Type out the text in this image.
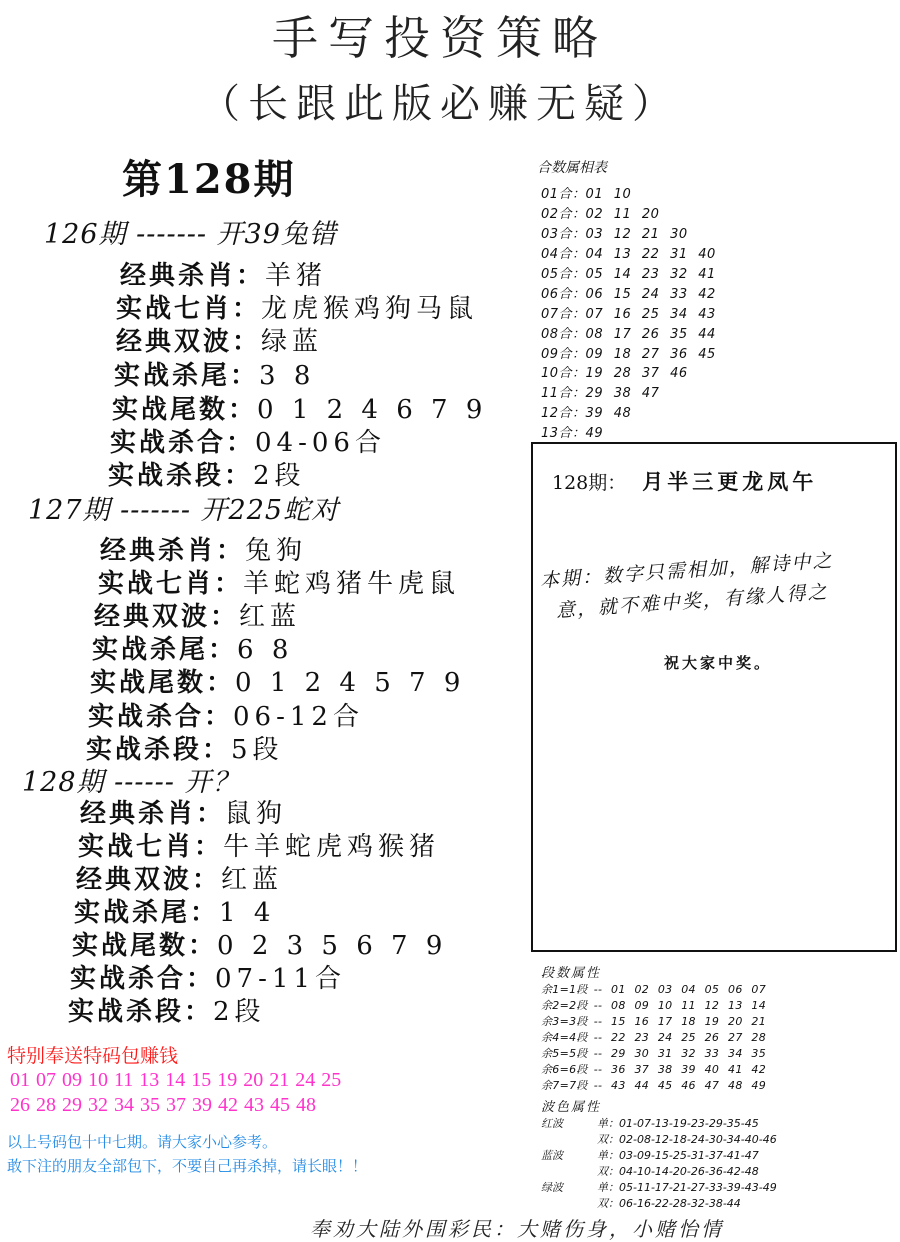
手写投资策略
（长跟此版必赚无疑）
第128期
126期 ------- 开39兔错
经典杀肖：羊猪
实战七肖：龙虎猴鸡狗马鼠
经典双波：绿蓝
实战杀尾：3 8
实战尾数：0 1 2 4 6 7 9
实战杀合：04-06合
实战杀段：2段
127期 ------- 开225蛇对
经典杀肖：兔狗
实战七肖：羊蛇鸡猪牛虎鼠
经典双波：红蓝
实战杀尾：6 8
实战尾数：0 1 2 4 5 7 9
实战杀合：06-12合
实战杀段：5段
128期 ------ 开？
经典杀肖：鼠狗
实战七肖：牛羊蛇虎鸡猴猪
经典双波：红蓝
实战杀尾：1 4
实战尾数：0 2 3 5 6 7 9
实战杀合：07-11合
实战杀段：2段
合数属相表
01合：01 10
02合：02 11 20
03合：03 12 21 30
04合：04 13 22 31 40
05合：05 14 23 32 41
06合：06 15 24 33 42
07合：07 16 25 34 43
08合：08 17 26 35 44
09合：09 18 27 36 45
10合：19 28 37 46
11合：29 38 47
12合：39 48
13合：49
128期： 月半三更龙凤午
本期：数字只需相加，解诗中之
意，就不难中奖，有缘人得之
祝大家中奖。
段数属性
余1=1段 -- 01 02 03 04 05 06 07
余2=2段 -- 08 09 10 11 12 13 14
余3=3段 -- 15 16 17 18 19 20 21
余4=4段 -- 22 23 24 25 26 27 28
余5=5段 -- 29 30 31 32 33 34 35
余6=6段 -- 36 37 38 39 40 41 42
余7=7段 -- 43 44 45 46 47 48 49
波色属性
红波	单：01-07-13-19-23-29-35-45
双：02-08-12-18-24-30-34-40-46
蓝波	单：03-09-15-25-31-37-41-47
双：04-10-14-20-26-36-42-48
绿波	单：05-11-17-21-27-33-39-43-49
双：06-16-22-28-32-38-44
特别奉送特码包赚钱
01 07 09 10 11 13 14 15 19 20 21 24 25
26 28 29 32 34 35 37 39 42 43 45 48
以上号码包十中七期。请大家小心参考。
敢下注的朋友全部包下，不要自己再杀掉，请长眼！！
奉劝大陆外围彩民：大赌伤身，小赌怡情
